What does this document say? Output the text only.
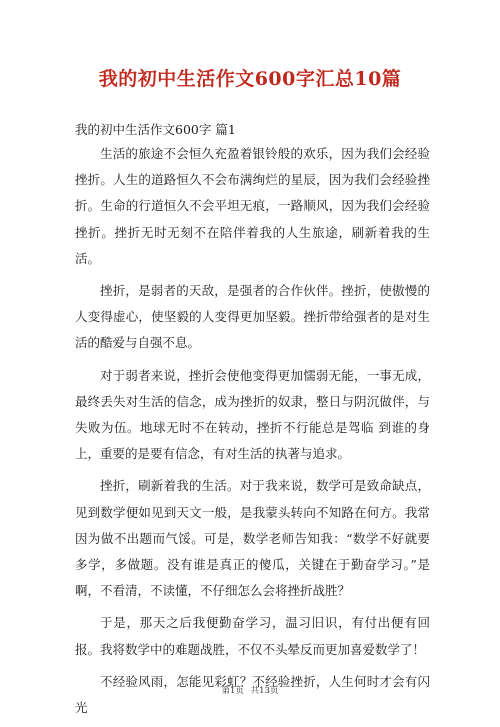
我的初中生活作文600字汇总10篇

我的初中生活作文600字 篇1

生活的旅途不会恒久充盈着银铃般的欢乐，因为我们会经验挫折。人生的道路恒久不会布满绚烂的星辰，因为我们会经验挫折。生命的行道恒久不会平坦无痕，一路顺风，因为我们会经验挫折。挫折无时无刻不在陪伴着我的人生旅途，刷新着我的生活。

挫折，是弱者的天敌，是强者的合作伙伴。挫折，使傲慢的人变得虚心，使坚毅的人变得更加坚毅。挫折带给强者的是对生活的酷爱与自强不息。

对于弱者来说，挫折会使他变得更加懦弱无能，一事无成，最终丢失对生活的信念，成为挫折的奴隶，整日与阴沉做伴，与失败为伍。地球无时不在转动，挫折不行能总是驾临 到谁的身上，重要的是要有信念，有对生活的执著与追求。

挫折，刷新着我的生活。对于我来说，数学可是致命缺点，见到数学便如见到天文一般，是我蒙头转向不知路在何方。我常因为做不出题而气馁。可是，数学老师告知我：“数学不好就要多学，多做题。没有谁是真正的傻瓜，关键在于勤奋学习。”是啊，不看清，不读懂，不仔细怎么会将挫折战胜？

于是，那天之后我便勤奋学习，温习旧识，有付出便有回报。我将数学中的难题战胜，不仅不头晕反而更加喜爱数学了！

不经验风雨，怎能见彩虹？不经验挫折，人生何时才会有闪光

第1页 共13页
